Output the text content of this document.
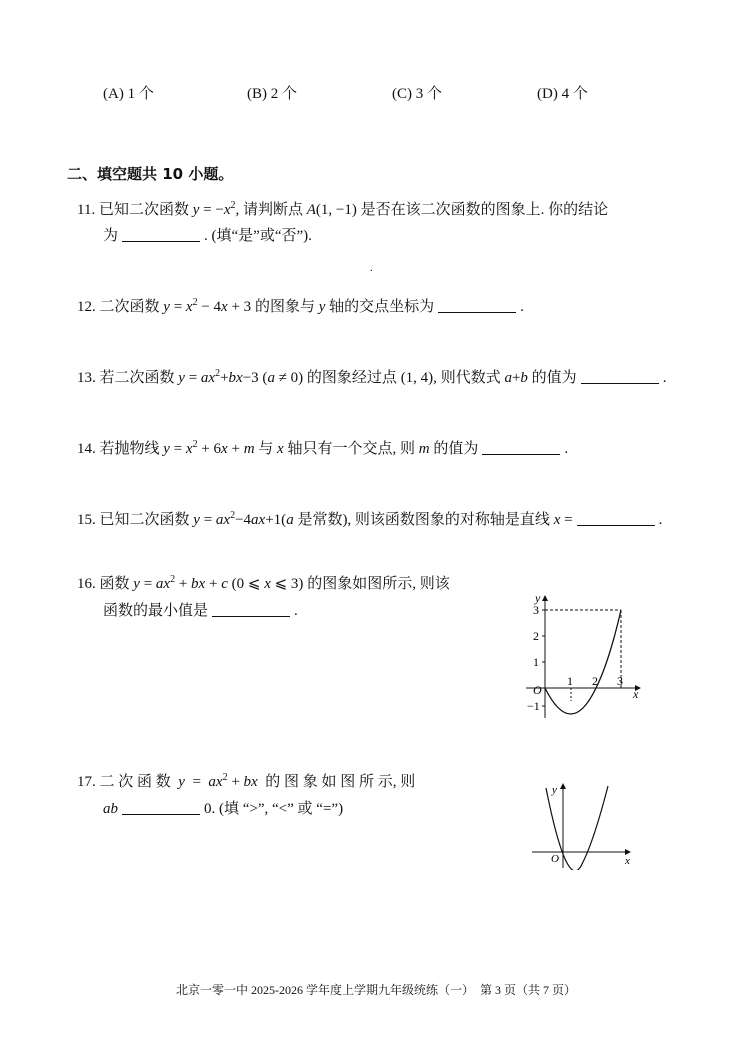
(A) 1 个	(B) 2 个	(C) 3 个	(D) 4 个
二、填空题共 10 小题。
11. 已知二次函数 $y = -x^2$, 请判断点 A(1, −1) 是否在该二次函数的图象上. 你的结论
为	. (填“是”或“否”).
.
12. 二次函数 $y = x^2 - 4x + 3$ 的图象与 y 轴的交点坐标为	.
13. 若二次函数 $y = ax^2+bx-3$ (a ≠ 0) 的图象经过点 (1, 4), 则代数式 a+b 的值为	.
14. 若抛物线 $y = x^2 + 6x + m$ 与 x 轴只有一个交点, 则 m 的值为	.
15. 已知二次函数 $y = ax^2-4ax+1(a$ 是常数), 则该函数图象的对称轴是直线 x =	.
16. 函数 $y = ax^2$ + bx + c (0 ⩽ x ⩽ 3) 的图象如图所示, 则该
函数的最小值是	.
y
x
O
3
2
1
−1
1 2 3
17. 二 次 函 数 $y = ax^2$ + bx 的 图 象 如 图 所 示, 则
ab	0. (填 “>”, “<” 或 “=”)
y
x
O
北京一零一中 2025-2026 学年度上学期九年级统练（一）　第 3 页（共 7 页）
